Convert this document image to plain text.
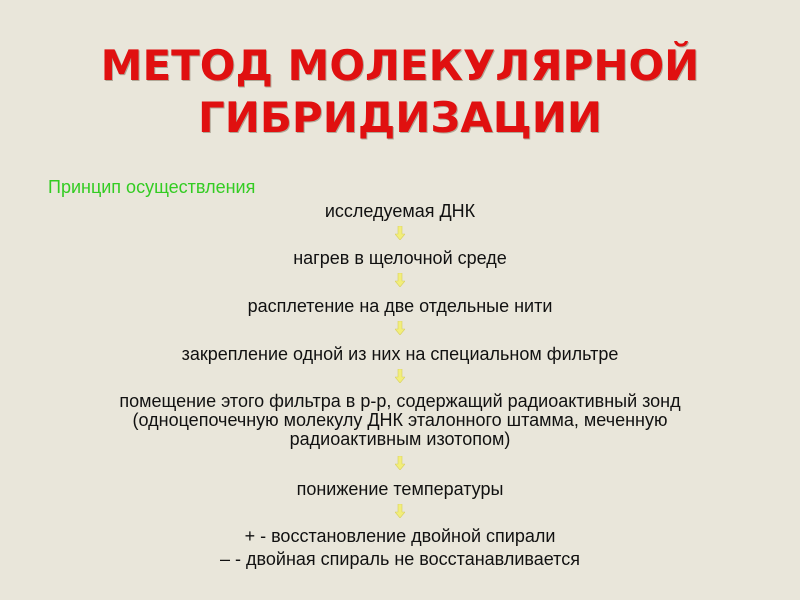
МЕТОД МОЛЕКУЛЯРНОЙ
ГИБРИДИЗАЦИИ
Принцип осуществления
исследуемая ДНК
нагрев в щелочной среде
расплетение на две отдельные нити
закрепление одной из них на специальном фильтре
помещение этого фильтра в р-р, содержащий радиоактивный зонд
(одноцепочечную молекулу ДНК эталонного штамма, меченную
радиоактивным изотопом)
понижение температуры
+ - восстановление двойной спирали
– - двойная спираль не восстанавливается
